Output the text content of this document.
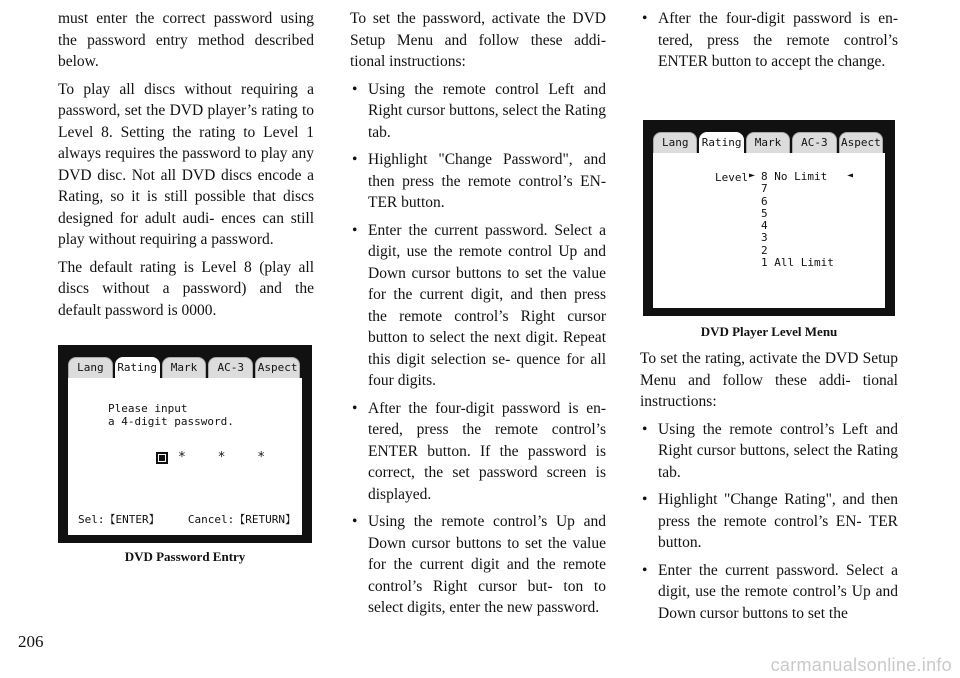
must enter the correct password using the password entry method described below.

To play all discs without requiring a password, set the DVD player’s rating to Level 8. Setting the rating to Level 1 always requires the password to play any DVD disc. Not all DVD discs encode a Rating, so it is still possible that discs designed for adult audi- ences can still play without requiring a password.

The default rating is Level 8 (play all discs without a password) and the default password is 0000.

Lang	Rating	Mark	AC-3	Aspect
Please input
a 4-digit password.
* * *
Sel:【ENTER】	Cancel:【RETURN】
DVD Password Entry

To set the password, activate the DVD Setup Menu and follow these addi- tional instructions:

• Using the remote control Left and Right cursor buttons, select the Rating tab.
• Highlight "Change Password", and then press the remote control’s EN- TER button.
• Enter the current password. Select a digit, use the remote control Up and Down cursor buttons to set the value for the current digit, and then press the remote control’s Right cursor button to select the next digit. Repeat this digit selection se- quence for all four digits.
• After the four-digit password is en- tered, press the remote control’s ENTER button. If the password is correct, the set password screen is displayed.
• Using the remote control’s Up and Down cursor buttons to set the value for the current digit and the remote control’s Right cursor but- ton to select digits, enter the new password.
• After the four-digit password is en- tered, press the remote control’s ENTER button to accept the change.
Lang	Rating	Mark	AC-3	Aspect
Level ► 8 No Limit
7
6
5
4
3
2
1 All Limit
◄
DVD Player Level Menu

To set the rating, activate the DVD Setup Menu and follow these addi- tional instructions:

• Using the remote control’s Left and Right cursor buttons, select the Rating tab.
• Highlight "Change Rating", and then press the remote control’s EN- TER button.
• Enter the current password. Select a digit, use the remote control’s Up and Down cursor buttons to set the
206
carmanualsonline.info
